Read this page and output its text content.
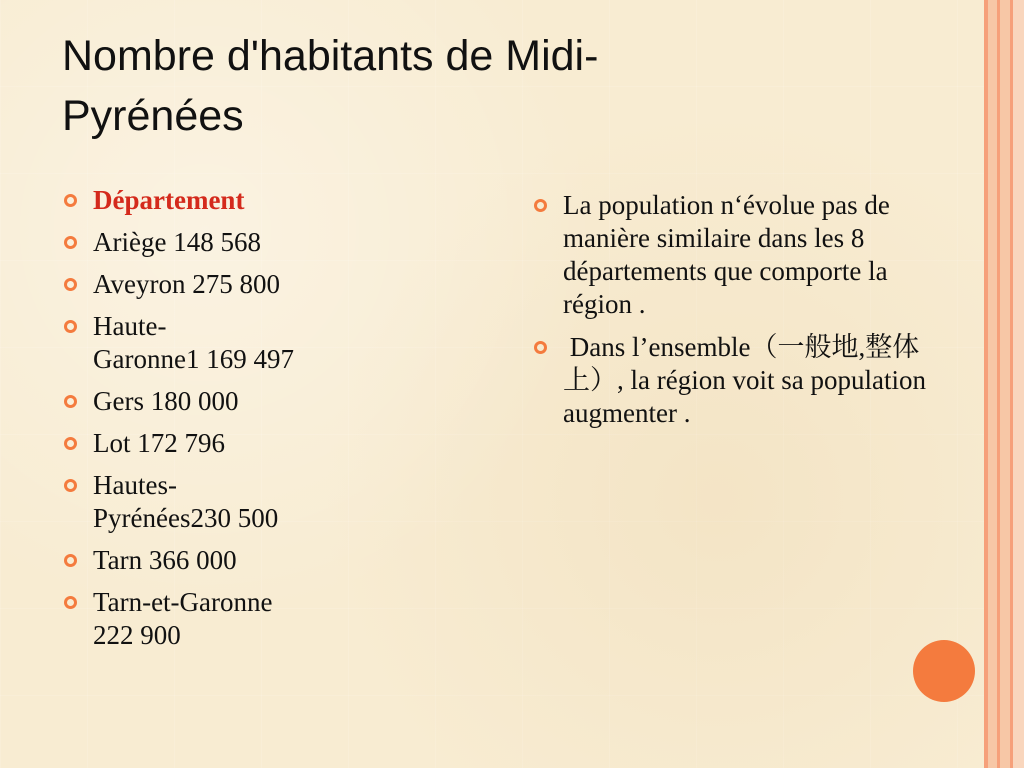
Nombre d'habitants de Midi-
Pyrénées
Département
Ariège 148 568
Aveyron 275 800
Haute-
Garonne1 169 497
Gers 180 000
Lot 172 796
Hautes-
Pyrénées230 500
Tarn 366 000
Tarn-et-Garonne
222 900
La population n‘évolue pas de manière similaire dans les 8 départements que comporte la région .
Dans l’ensemble（一般地,整体上）, la région voit sa population augmenter .
